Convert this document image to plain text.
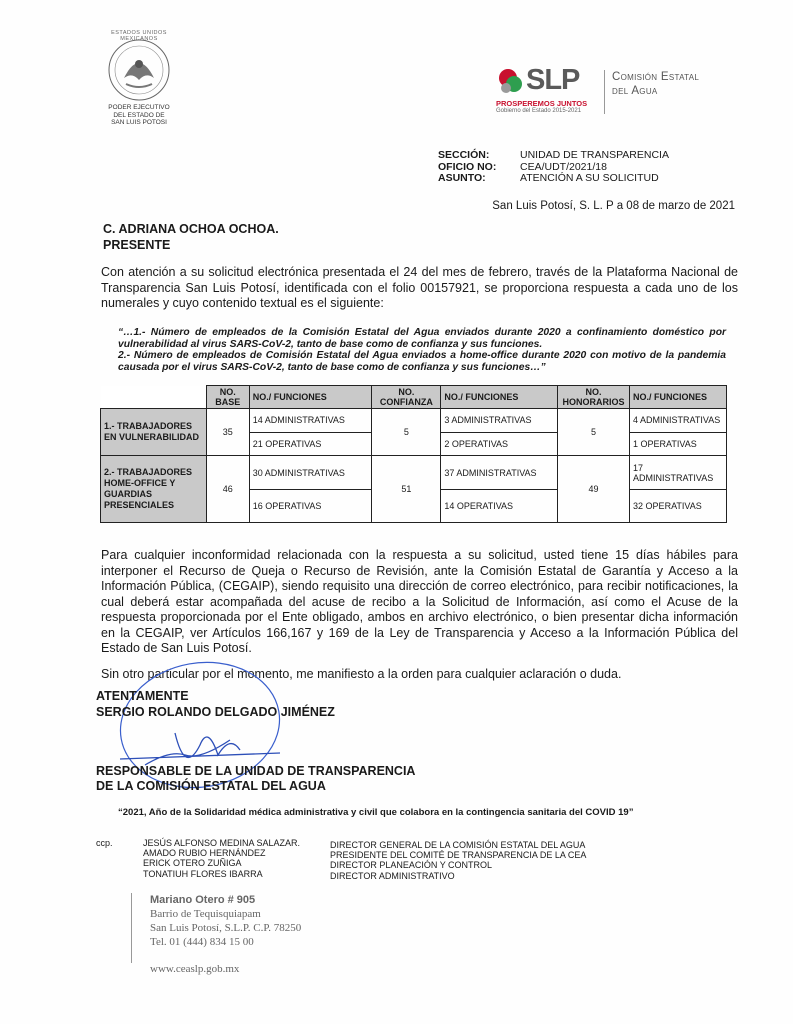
PODER EJECUTIVO
DEL ESTADO DE
SAN LUIS POTOSI
ESTADOS UNIDOS MEXICANOS
SLP
PROSPEREMOS JUNTOS
Gobierno del Estado 2015-2021
Comisión Estatal
del Agua
SECCIÓN:	UNIDAD DE TRANSPARENCIA
OFICIO NO:	CEA/UDT/2021/18
ASUNTO:	ATENCIÓN A SU SOLICITUD
San Luis Potosí, S. L. P a 08 de marzo de 2021
C. ADRIANA OCHOA OCHOA.
PRESENTE
Con atención a su solicitud electrónica presentada el 24 del mes de febrero, través de la Plataforma Nacional de Transparencia San Luis Potosí, identificada con el folio 00157921, se proporciona respuesta a cada uno de los numerales y cuyo contenido textual es el siguiente:
“…1.- Número de empleados de la Comisión Estatal del Agua enviados durante 2020 a confinamiento doméstico por vulnerabilidad al virus SARS-CoV-2, tanto de base como de confianza y sus funciones.
2.- Número de empleados de Comisión Estatal del Agua enviados a home-office durante 2020 con motivo de la pandemia causada por el virus SARS-CoV-2, tanto de base como de confianza y sus funciones…”
	NO. BASE	NO./ FUNCIONES	NO. CONFIANZA	NO./ FUNCIONES	NO. HONORARIOS	NO./ FUNCIONES
1.- TRABAJADORES EN VULNERABILIDAD	35	14 ADMINISTRATIVAS	5	3 ADMINISTRATIVAS	5	4 ADMINISTRATIVAS
		21 OPERATIVAS		2 OPERATIVAS		1 OPERATIVAS
2.- TRABAJADORES HOME-OFFICE Y GUARDIAS PRESENCIALES	46	30 ADMINISTRATIVAS	51	37 ADMINISTRATIVAS	49	17 ADMINISTRATIVAS
		16 OPERATIVAS		14 OPERATIVAS		32 OPERATIVAS
Para cualquier inconformidad relacionada con la respuesta a su solicitud, usted tiene 15 días hábiles para interponer el Recurso de Queja o Recurso de Revisión, ante la Comisión Estatal de Garantía y Acceso a la Información Pública, (CEGAIP), siendo requisito una dirección de correo electrónico, para recibir notificaciones, la cual deberá estar acompañada del acuse de recibo a la Solicitud de Información, así como el Acuse de la respuesta proporcionada por el Ente obligado, ambos en archivo electrónico, o bien presentar dicha información en la CEGAIP, ver Artículos 166,167 y 169 de la Ley de Transparencia y Acceso a la Información Pública del Estado de San Luis Potosí.
Sin otro particular por el momento, me manifiesto a la orden para cualquier aclaración o duda.
ATENTAMENTE
SERGIO ROLANDO DELGADO JIMÉNEZ
RESPONSABLE DE LA UNIDAD DE TRANSPARENCIA
DE LA COMISIÓN ESTATAL DEL AGUA
“2021, Año de la Solidaridad médica administrativa y civil que colabora en la contingencia sanitaria del COVID 19”
ccp.	JESÚS ALFONSO MEDINA SALAZAR.
AMADO RUBIO HERNÁNDEZ
ERICK OTERO ZUÑIGA
TONATIUH FLORES IBARRA
DIRECTOR GENERAL DE LA COMISIÓN ESTATAL DEL AGUA
PRESIDENTE DEL COMITÉ DE TRANSPARENCIA DE LA CEA
DIRECTOR PLANEACIÓN Y CONTROL
DIRECTOR ADMINISTRATIVO
Mariano Otero # 905
Barrio de Tequisquiapam
San Luis Potosí, S.L.P. C.P. 78250
Tel. 01 (444) 834 15 00
www.ceaslp.gob.mx
